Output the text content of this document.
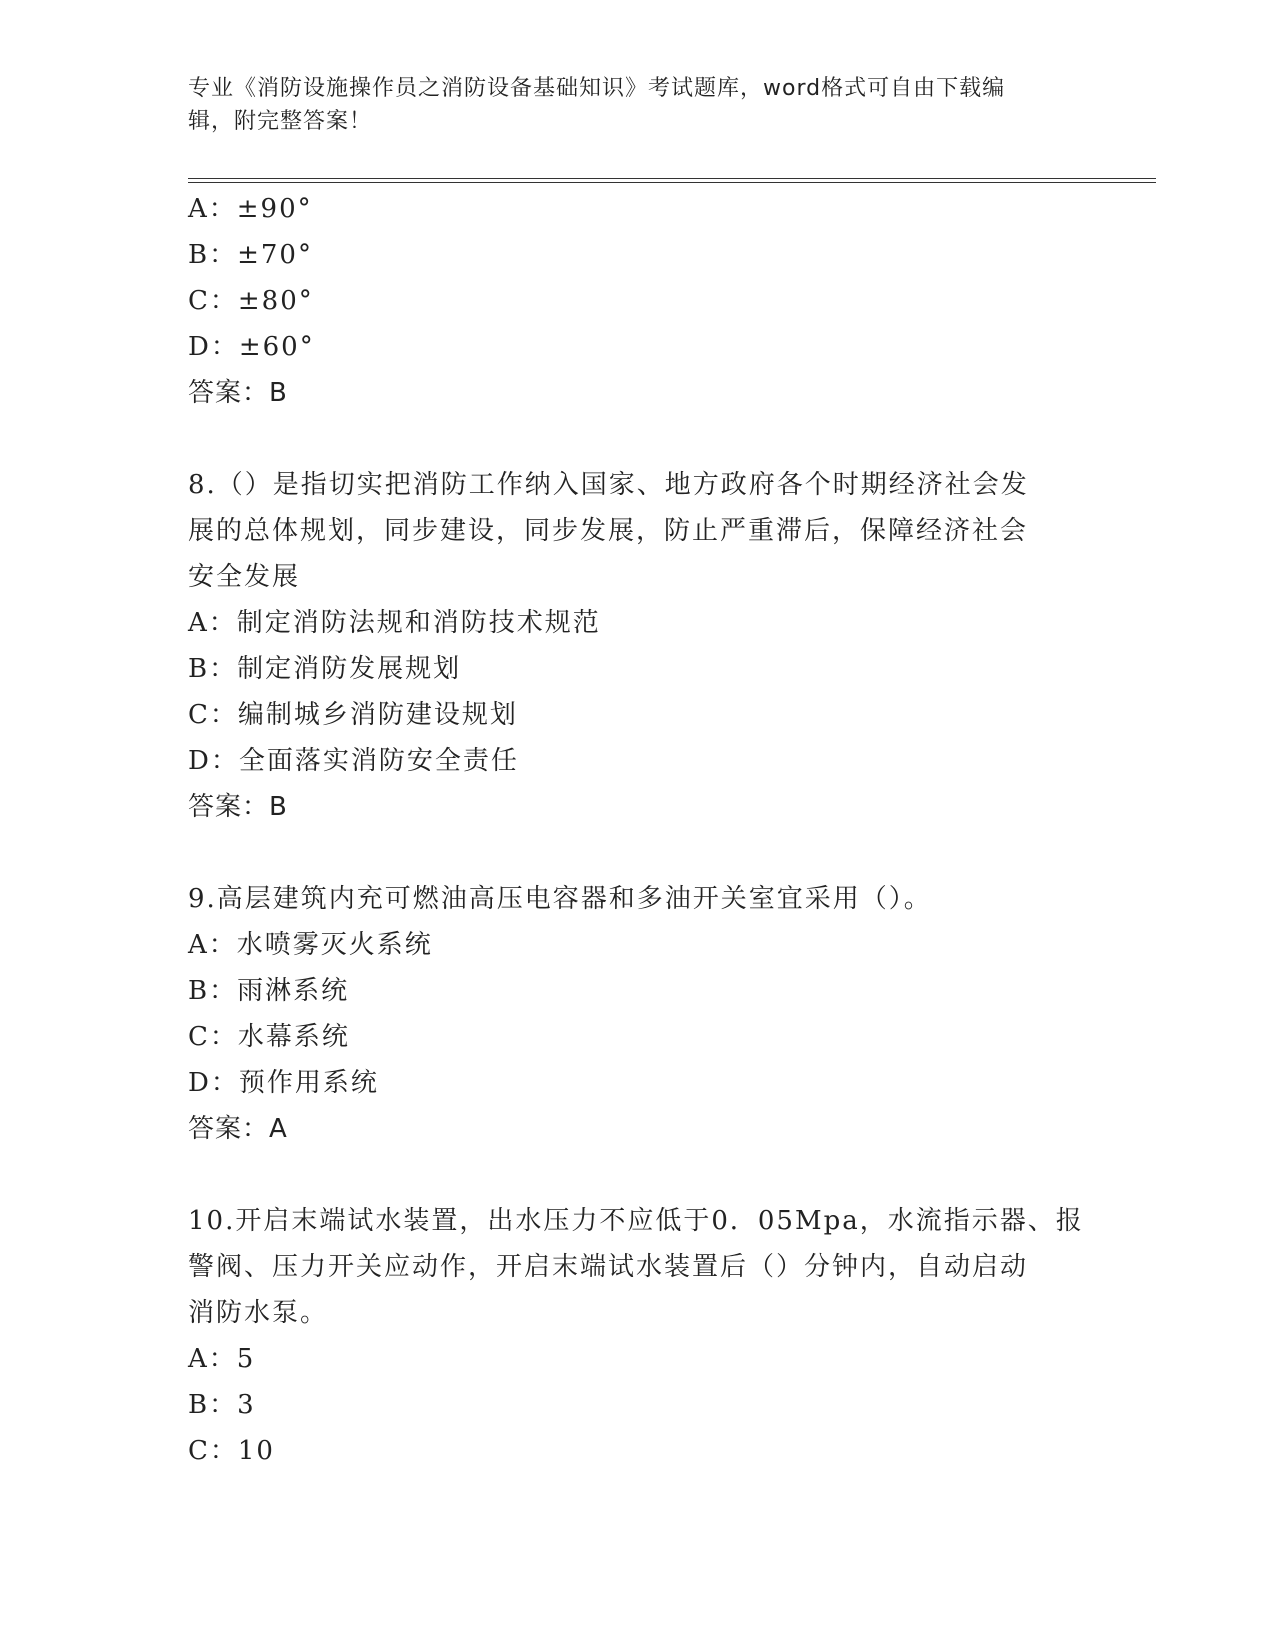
专业《消防设施操作员之消防设备基础知识》考试题库，word格式可自由下载编
辑，附完整答案！
A：±90°
B：±70°
C：±80°
D：±60°
答案：B
8.（）是指切实把消防工作纳入国家、地方政府各个时期经济社会发
展的总体规划，同步建设，同步发展，防止严重滞后，保障经济社会
安全发展
A：制定消防法规和消防技术规范
B：制定消防发展规划
C：编制城乡消防建设规划
D：全面落实消防安全责任
答案：B
9.高层建筑内充可燃油高压电容器和多油开关室宜采用（）。
A：水喷雾灭火系统
B：雨淋系统
C：水幕系统
D：预作用系统
答案：A
10.开启末端试水装置，出水压力不应低于0．05Mpa，水流指示器、报
警阀、压力开关应动作，开启末端试水装置后（）分钟内，自动启动
消防水泵。
A：5
B：3
C：10
